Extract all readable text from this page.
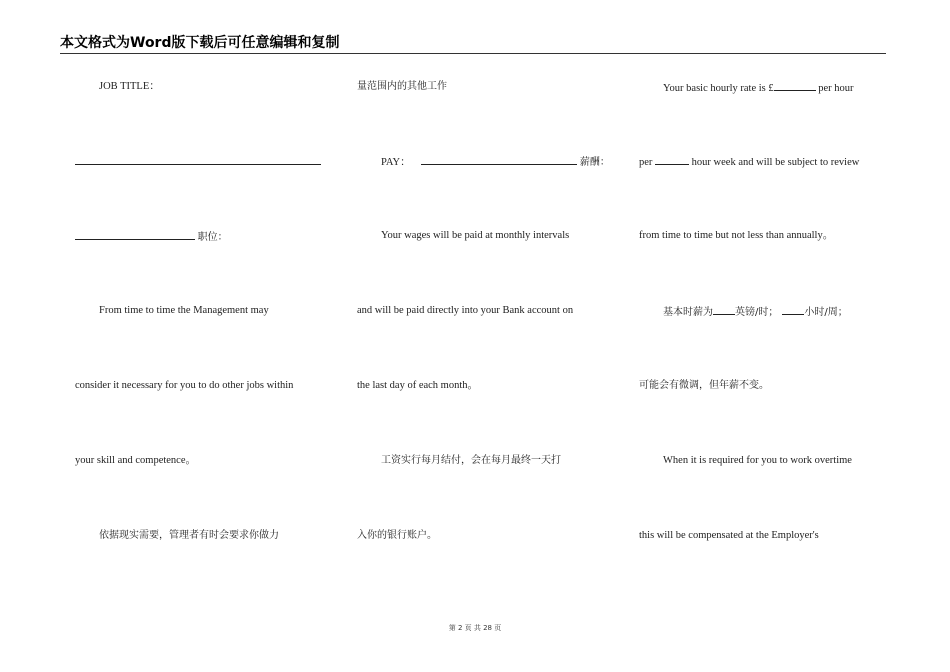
本文格式为Word版下载后可任意编辑和复制
JOB TITLE：
职位：
From time to time the Management may
consider it necessary for you to do other jobs within
your skill and competence。
依据现实需要，管理者有时会要求你做力
量范围内的其他工作
PAY：	薪酬：
Your wages will be paid at monthly intervals
and will be paid directly into your Bank account on
the last day of each month。
工资实行每月结付，会在每月最终一天打
入你的银行账户。
Your basic hourly rate is £	per hour
per	hour week and will be subject to review
from time to time but not less than annually。
基本时薪为 英镑/时；	小时/周；
可能会有微调，但年薪不变。
When it is required for you to work overtime
this will be compensated at the Employer's
第 2 页 共 28 页
